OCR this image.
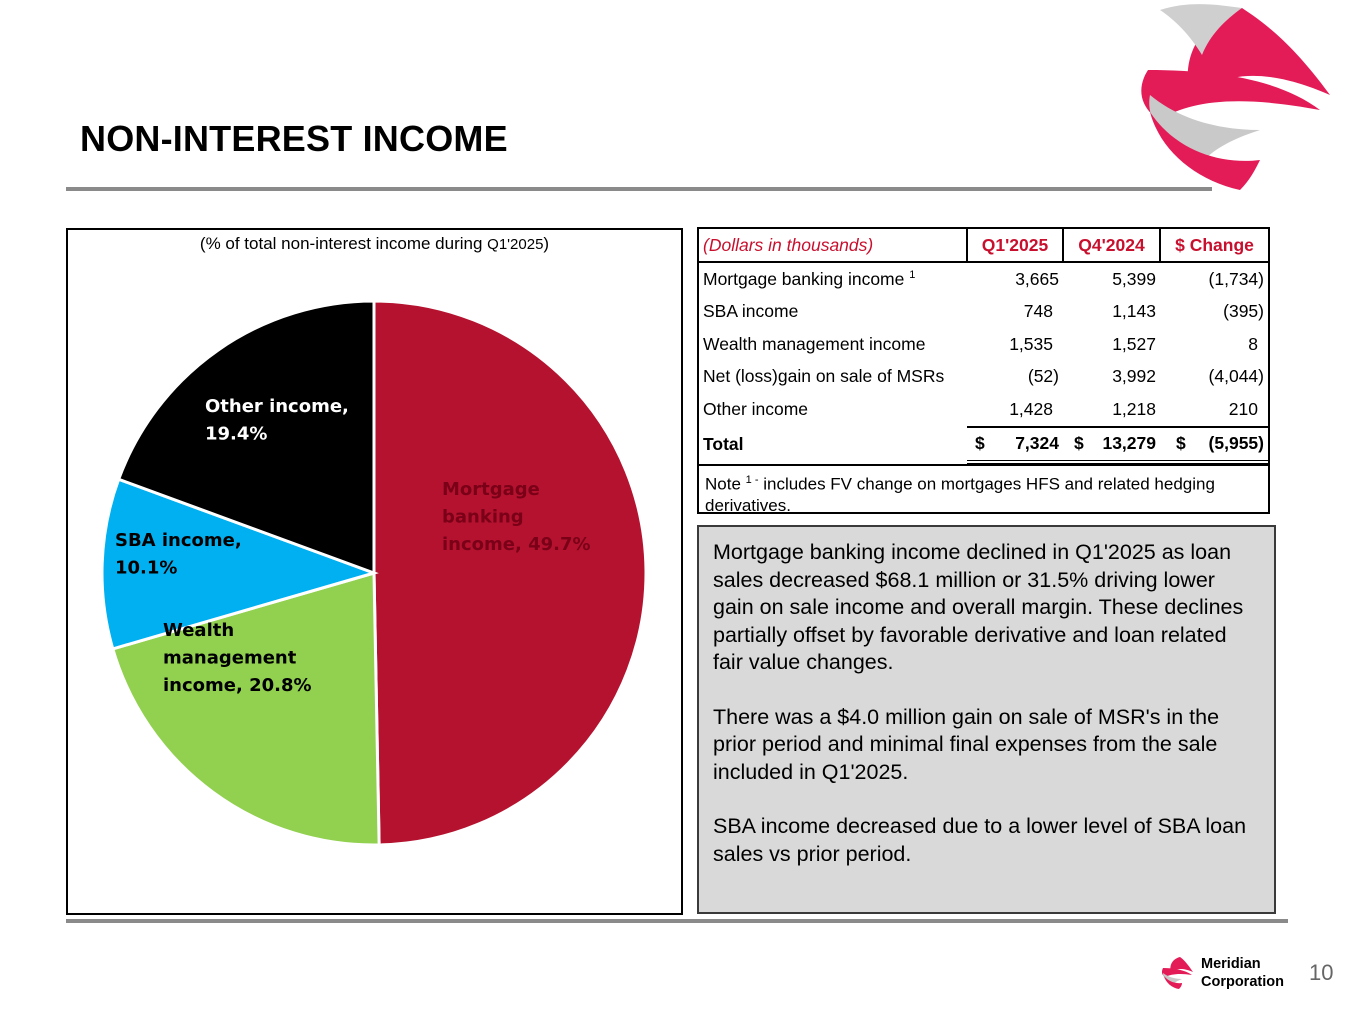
NON-INTEREST INCOME
(% of total non-interest income during Q1'2025)
Mortgage banking income, 49.7%
Wealth management income, 20.8%
SBA income, 10.1%
Other income, 19.4%
(Dollars in thousands)	Q1'2025	Q4'2024	$ Change
Mortgage banking income $^1$	3,665	5,399	(1,734)
SBA income	748	1,143	(395)
Wealth management income	1,535	1,527	8
Net (loss)gain on sale of MSRs	(52)	3,992	(4,044)
Other income	1,428	1,218	210
Total	$ 7,324	$ 13,279	$ (5,955)
Note $^{1 -}$ includes FV change on mortgages HFS and related hedging derivatives.

Mortgage banking income declined in Q1'2025 as loan sales decreased $68.1 million or 31.5% driving lower gain on sale income and overall margin. These declines partially offset by favorable derivative and loan related fair value changes.

There was a $4.0 million gain on sale of MSR's in the prior period and minimal final expenses from the sale included in Q1'2025.

SBA income decreased due to a lower level of SBA loan sales vs prior period.

Meridian
Corporation 10
